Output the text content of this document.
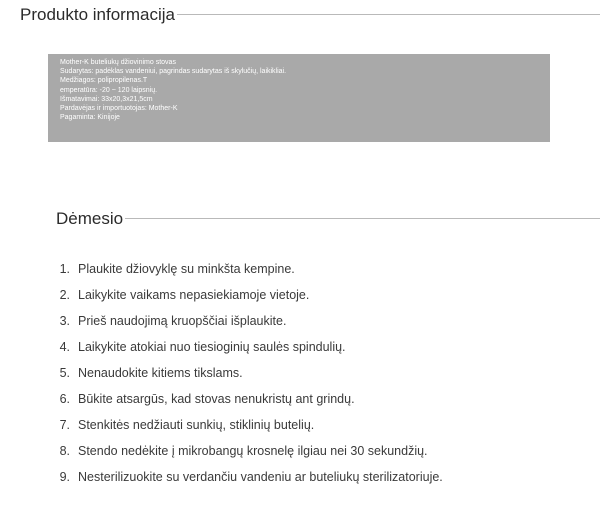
Produkto informacija
Mother-K buteliukų džiovinimo stovas
Sudarytas: padėklas vandeniui, pagrindas sudarytas iš skylučių, laikikliai.
Medžiagos: polipropilenas.T
emperatūra: -20 ~ 120 laipsnių.
Išmatavimai: 33x20,3x21,5cm
Pardavėjas ir importuotojas: Mother-K
Pagaminta: Kinijoje
Dėmesio
1. Plaukite džiovyklę su minkšta kempine.
2. Laikykite vaikams nepasiekiamoje vietoje.
3. Prieš naudojimą kruopščiai išplaukite.
4. Laikykite atokiai nuo tiesioginių saulės spindulių.
5. Nenaudokite kitiems tikslams.
6. Būkite atsargūs, kad stovas nenukristų ant grindų.
7. Stenkitės nedžiauti sunkių, stiklinių butelių.
8. Stendo nedėkite į mikrobangų krosnelę ilgiau nei 30 sekundžių.
9. Nesterilizuokite su verdančiu vandeniu ar buteliukų sterilizatoriuje.
